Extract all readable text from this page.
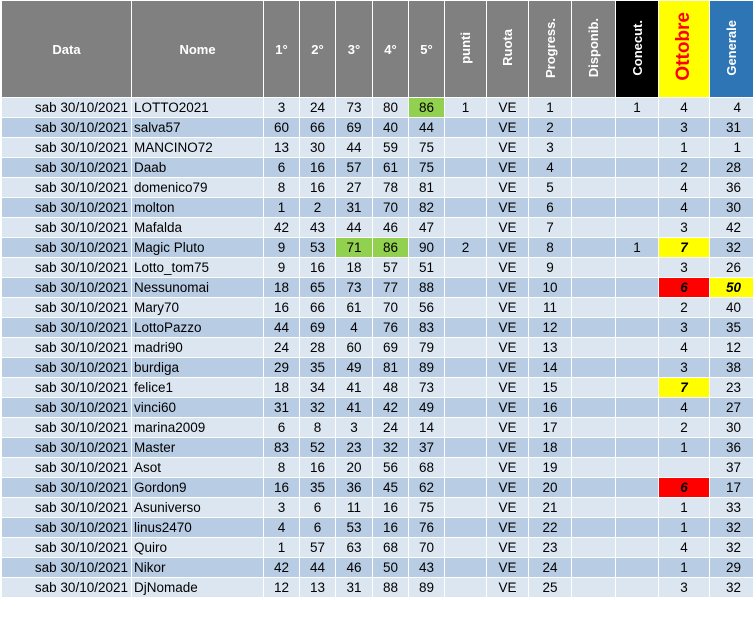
Data	Nome	1°	2°	3°	4°	5°	punti	Ruota	Progress.	Disponib.	Conecut.	Ottobre	Generale
sab 30/10/2021	LOTTO2021	3	24	73	80	86	1	VE	1		1	4	4
sab 30/10/2021	salva57	60	66	69	40	44		VE	2			3	31
sab 30/10/2021	MANCINO72	13	30	44	59	75		VE	3			1	1
sab 30/10/2021	Daab	6	16	57	61	75		VE	4			2	28
sab 30/10/2021	domenico79	8	16	27	78	81		VE	5			4	36
sab 30/10/2021	molton	1	2	31	70	82		VE	6			4	30
sab 30/10/2021	Mafalda	42	43	44	46	47		VE	7			3	42
sab 30/10/2021	Magic Pluto	9	53	71	86	90	2	VE	8		1	7	32
sab 30/10/2021	Lotto_tom75	9	16	18	57	51		VE	9			3	26
sab 30/10/2021	Nessunomai	18	65	73	77	88		VE	10			6	50
sab 30/10/2021	Mary70	16	66	61	70	56		VE	11			2	40
sab 30/10/2021	LottoPazzo	44	69	4	76	83		VE	12			3	35
sab 30/10/2021	madri90	24	28	60	69	79		VE	13			4	12
sab 30/10/2021	burdiga	29	35	49	81	89		VE	14			3	38
sab 30/10/2021	felice1	18	34	41	48	73		VE	15			7	23
sab 30/10/2021	vinci60	31	32	41	42	49		VE	16			4	27
sab 30/10/2021	marina2009	6	8	3	24	14		VE	17			2	30
sab 30/10/2021	Master	83	52	23	32	37		VE	18			1	36
sab 30/10/2021	Asot	8	16	20	56	68		VE	19				37
sab 30/10/2021	Gordon9	16	35	36	45	62		VE	20			6	17
sab 30/10/2021	Asuniverso	3	6	11	16	75		VE	21			1	33
sab 30/10/2021	linus2470	4	6	53	16	76		VE	22			1	32
sab 30/10/2021	Quiro	1	57	63	68	70		VE	23			4	32
sab 30/10/2021	Nikor	42	44	46	50	43		VE	24			1	29
sab 30/10/2021	DjNomade	12	13	31	88	89		VE	25			3	32
